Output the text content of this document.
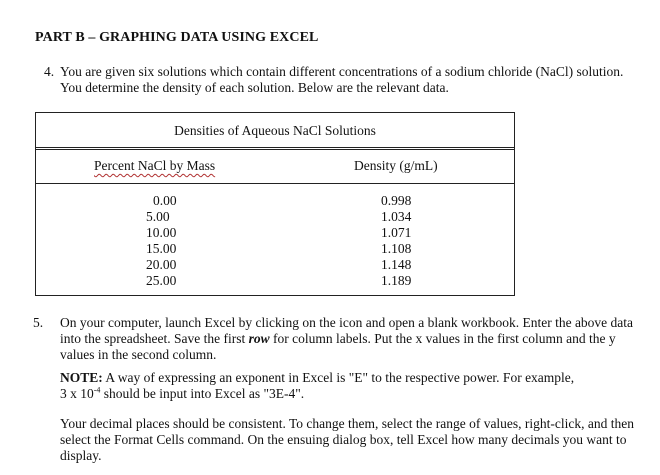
PART B – GRAPHING DATA USING EXCEL
4. You are given six solutions which contain different concentrations of a sodium chloride (NaCl) solution.
You determine the density of each solution. Below are the relevant data.
Densities of Aqueous NaCl Solutions
Percent NaCl by Mass	Density (g/mL)
0.00
5.00
10.00
15.00
20.00
25.00
0.998
1.034
1.071
1.108
1.148
1.189
5. On your computer, launch Excel by clicking on the icon and open a blank workbook. Enter the above data into the spreadsheet. Save the first row for column labels. Put the x values in the first column and the y values in the second column.

NOTE: A way of expressing an exponent in Excel is "E" to the respective power. For example,
3 x $10^{-4}$ should be input into Excel as "3E-4".

Your decimal places should be consistent. To change them, select the range of values, right-click, and then select the Format Cells command. On the ensuing dialog box, tell Excel how many decimals you want to display.
